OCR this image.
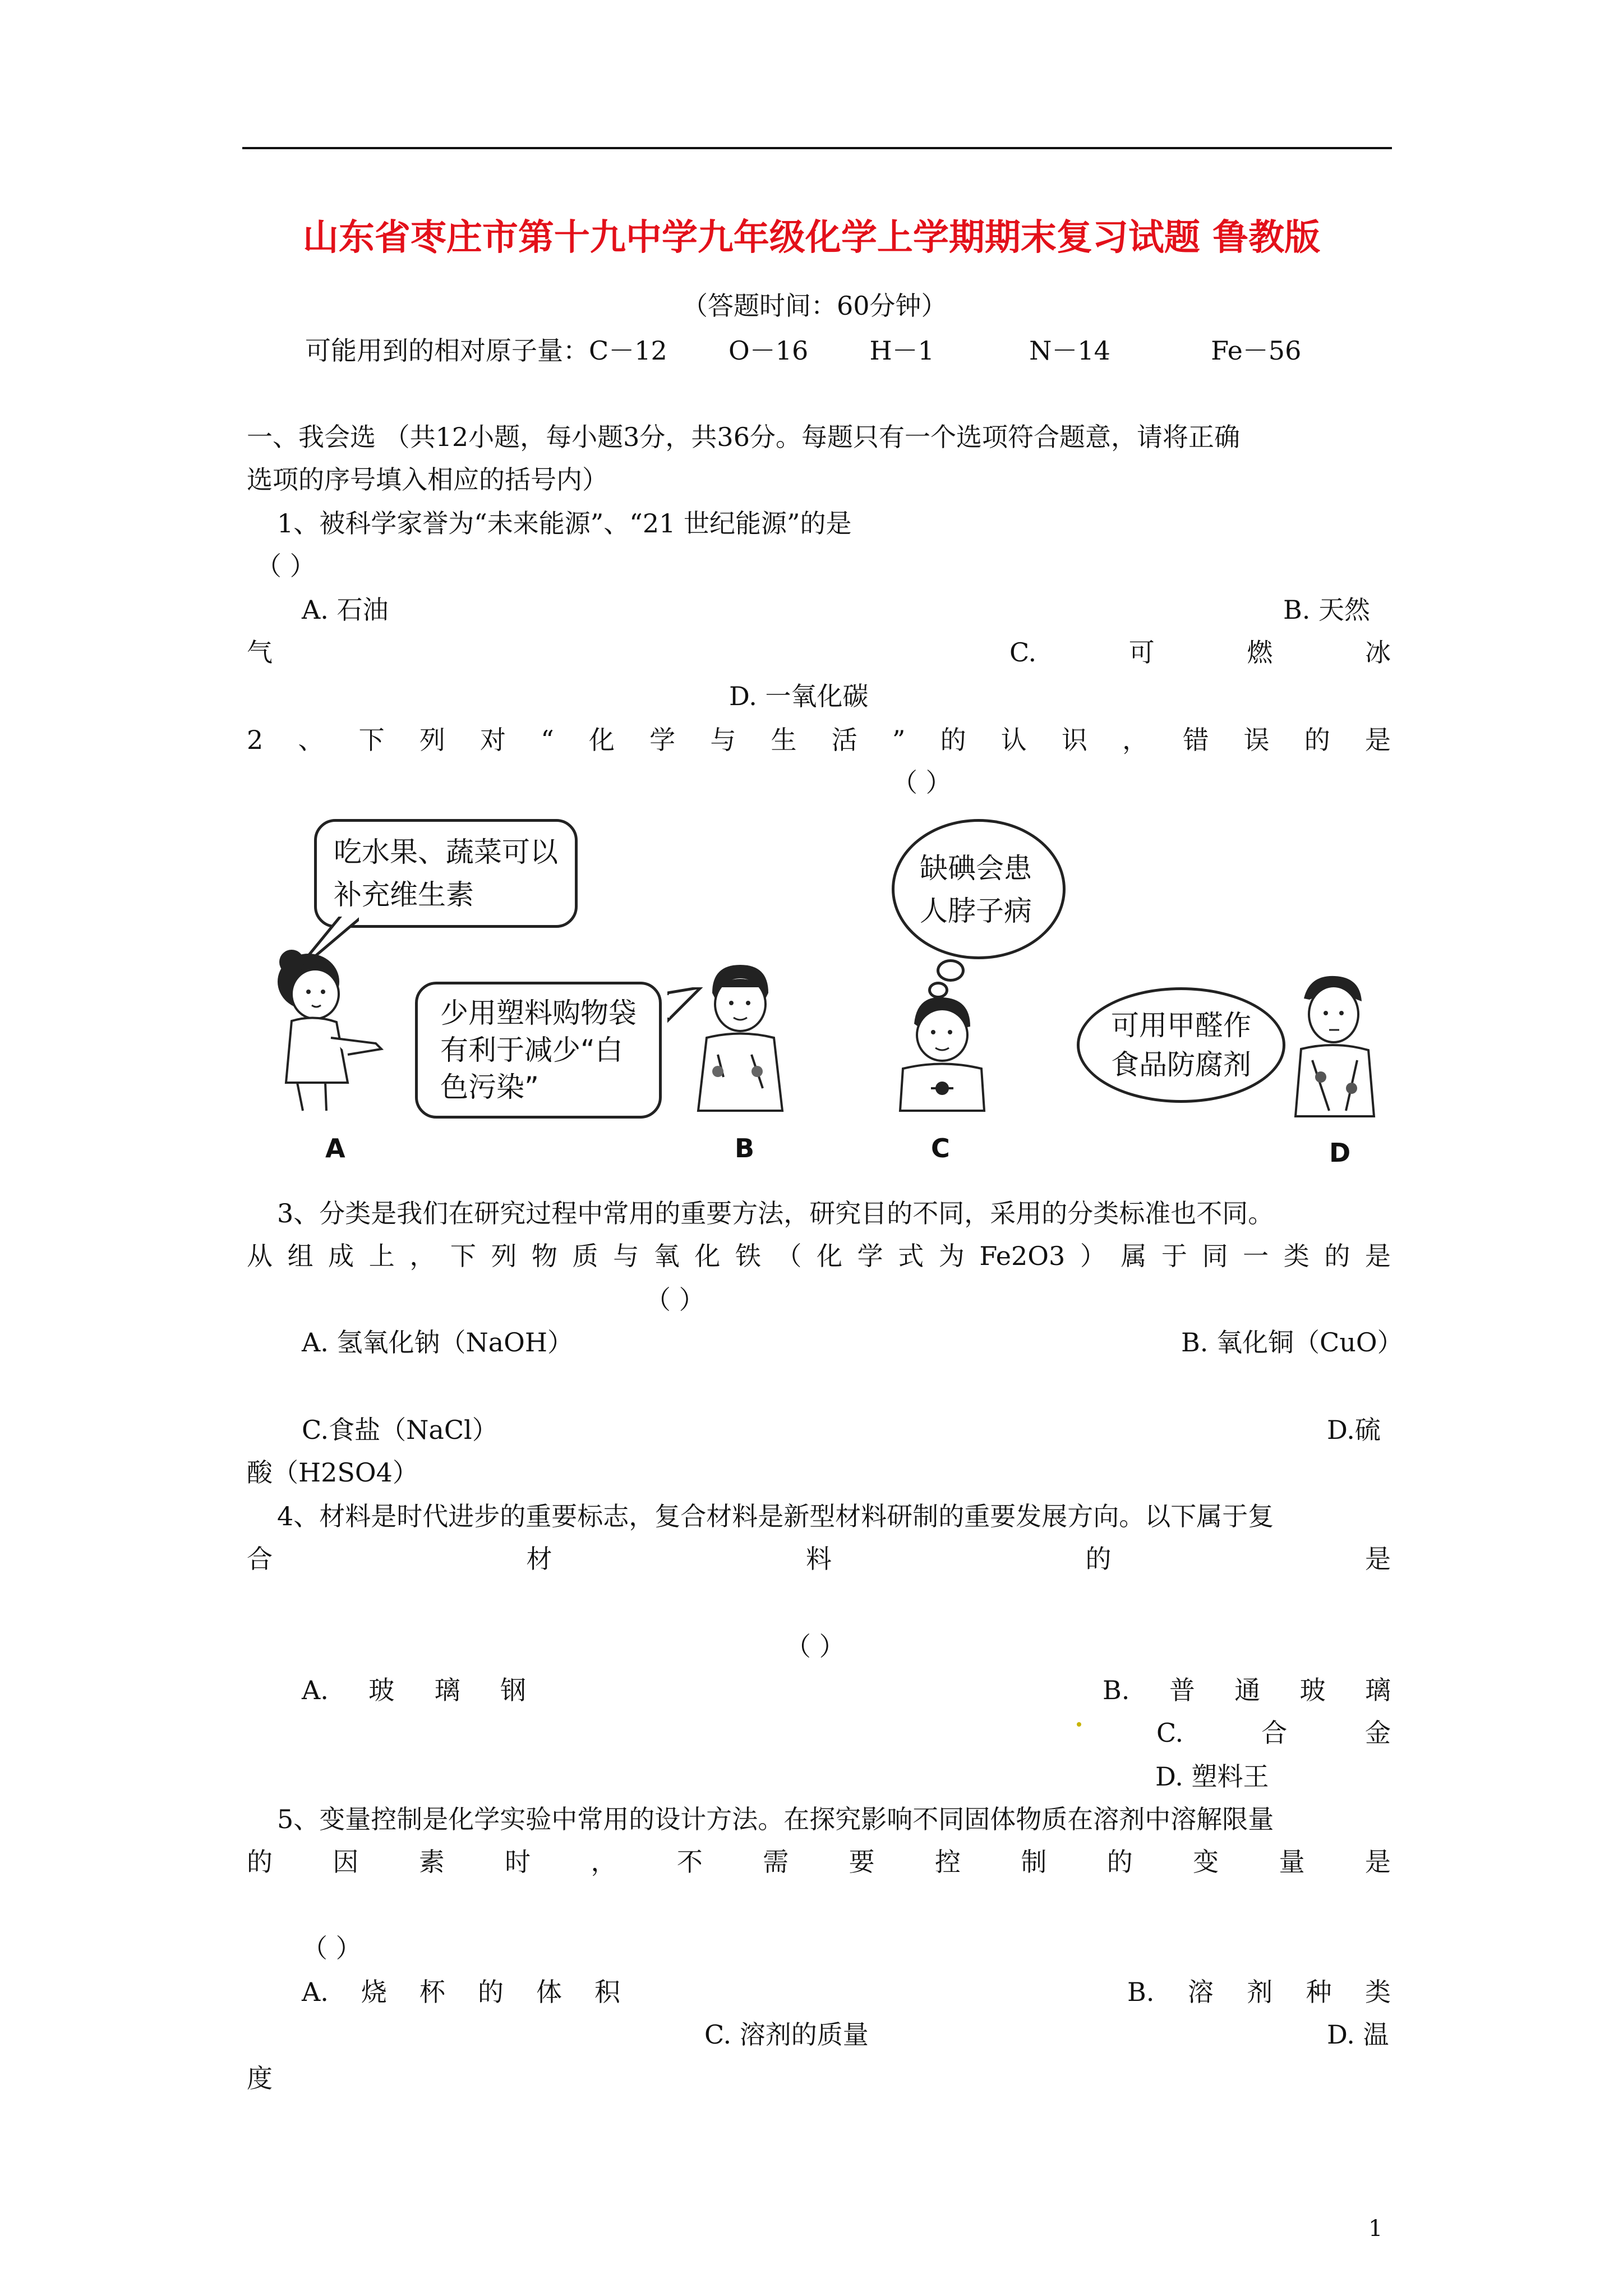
山东省枣庄市第十九中学九年级化学上学期期末复习试题 鲁教版
（答题时间：60分钟）
可能用到的相对原子量：C－12 O－16 H－1	N－14	Fe－56
一、我会选 （共12小题，每小题3分，共36分。每题只有一个选项符合题意，请将正确
选项的序号填入相应的括号内）
1、被科学家誉为“未来能源”、“21 世纪能源”的是
（ ）
A. 石油	B. 天然
气	C.	可	燃	冰
D. 一氧化碳
2 、 下 列 对 “ 化 学 与 生 活 ” 的 认 识 ， 错 误 的 是
（ ）
吃水果、蔬菜可以
补充维生素
少用塑料购物袋
有利于减少“白
色污染”
缺碘会患
人脖子病
可用甲醛作
食品防腐剂
A	B	C	D
3、分类是我们在研究过程中常用的重要方法，研究目的不同，采用的分类标准也不同。
从 组 成 上 ， 下 列 物 质 与 氧 化 铁 （ 化 学 式 为 Fe2O3 ） 属 于 同 一 类 的 是
（ ）
A. 氢氧化钠（NaOH）	B. 氧化铜（CuO）
C.食盐（NaCl）	D.硫
酸（H2SO4）
4、材料是时代进步的重要标志，复合材料是新型材料研制的重要发展方向。以下属于复
合	材	料	的	是
（ ）
A. 玻 璃 钢	B. 普 通 玻 璃
C.	合	金
D. 塑料王
5、变量控制是化学实验中常用的设计方法。在探究影响不同固体物质在溶剂中溶解限量
的 因 素 时 ， 不 需 要 控 制 的 变 量 是
（ ）
A. 烧 杯 的 体 积	B. 溶 剂 种 类
C. 溶剂的质量	D. 温
度
1
